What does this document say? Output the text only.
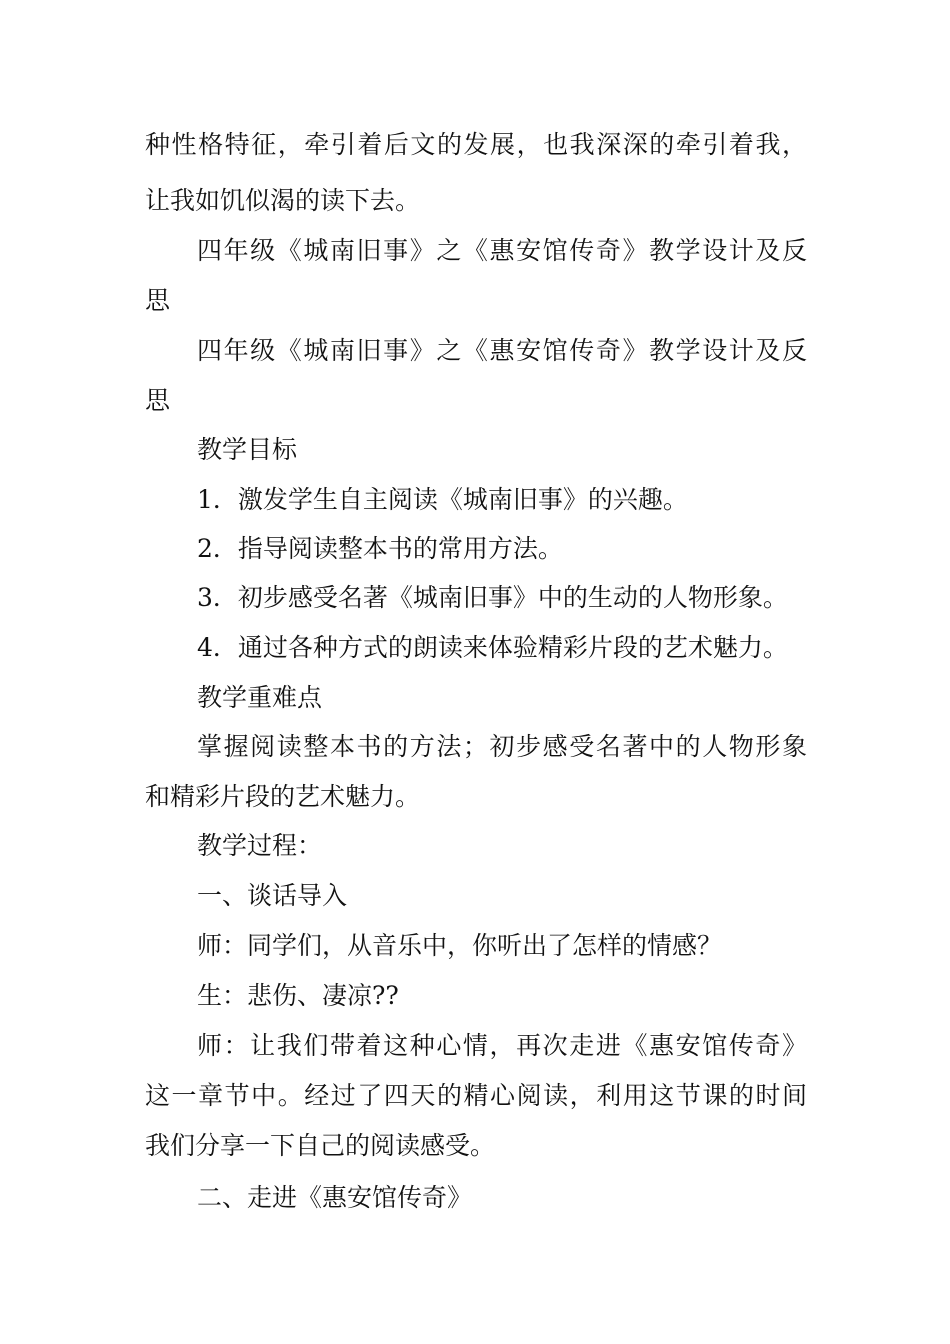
种性格特征，牵引着后文的发展，也我深深的牵引着我，
让我如饥似渴的读下去。
四年级《城南旧事》之《惠安馆传奇》教学设计及反
思
四年级《城南旧事》之《惠安馆传奇》教学设计及反
思
教学目标
1．激发学生自主阅读《城南旧事》的兴趣。
2．指导阅读整本书的常用方法。
3．初步感受名著《城南旧事》中的生动的人物形象。
4．通过各种方式的朗读来体验精彩片段的艺术魅力。
教学重难点
掌握阅读整本书的方法；初步感受名著中的人物形象
和精彩片段的艺术魅力。
教学过程：
一、谈话导入
师：同学们，从音乐中，你听出了怎样的情感？
生：悲伤、凄凉??
师：让我们带着这种心情，再次走进《惠安馆传奇》
这一章节中。经过了四天的精心阅读，利用这节课的时间
我们分享一下自己的阅读感受。
二、走进《惠安馆传奇》
